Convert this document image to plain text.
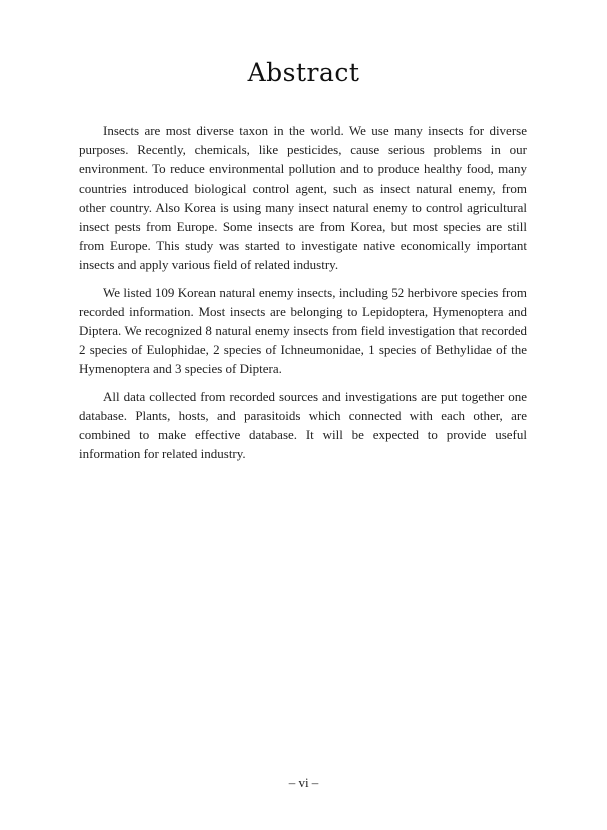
Abstract

Insects are most diverse taxon in the world. We use many insects for diverse purposes. Recently, chemicals, like pesticides, cause serious problems in our environment. To reduce environmental pollution and to produce healthy food, many countries introduced biological control agent, such as insect natural enemy, from other country. Also Korea is using many insect natural enemy to control agricultural insect pests from Europe. Some insects are from Korea, but most species are still from Europe. This study was started to investigate native economically important insects and apply various field of related industry.

We listed 109 Korean natural enemy insects, including 52 herbivore species from recorded information. Most insects are belonging to Lepidoptera, Hymenoptera and Diptera. We recognized 8 natural enemy insects from field investigation that recorded 2 species of Eulophidae, 2 species of Ichneumonidae, 1 species of Bethylidae of the Hymenoptera and 3 species of Diptera.

All data collected from recorded sources and investigations are put together one database. Plants, hosts, and parasitoids which connected with each other, are combined to make effective database. It will be expected to provide useful information for related industry.

– vi –
